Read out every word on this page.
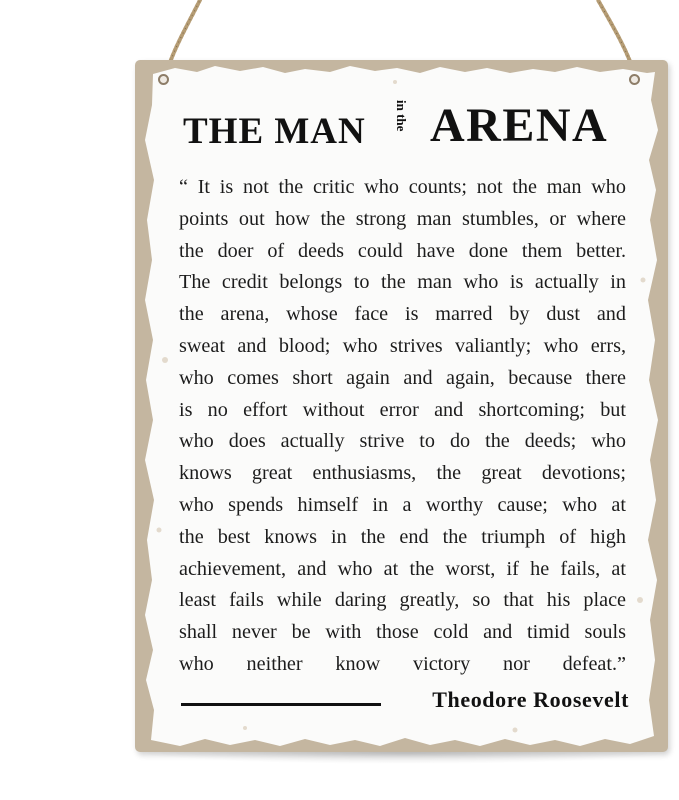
THE MAN in the ARENA
“ It is not the critic who counts; not the man who
points out how the strong man stumbles, or where
the doer of deeds could have done them better.
The credit belongs to the man who is actually in
the arena, whose face is marred by dust and
sweat and blood; who strives valiantly; who errs,
who comes short again and again, because there
is no effort without error and shortcoming; but
who does actually strive to do the deeds; who
knows great enthusiasms, the great devotions;
who spends himself in a worthy cause; who at
the best knows in the end the triumph of high
achievement, and who at the worst, if he fails, at
least fails while daring greatly, so that his place
shall never be with those cold and timid souls
who neither know victory nor defeat.”
Theodore Roosevelt
